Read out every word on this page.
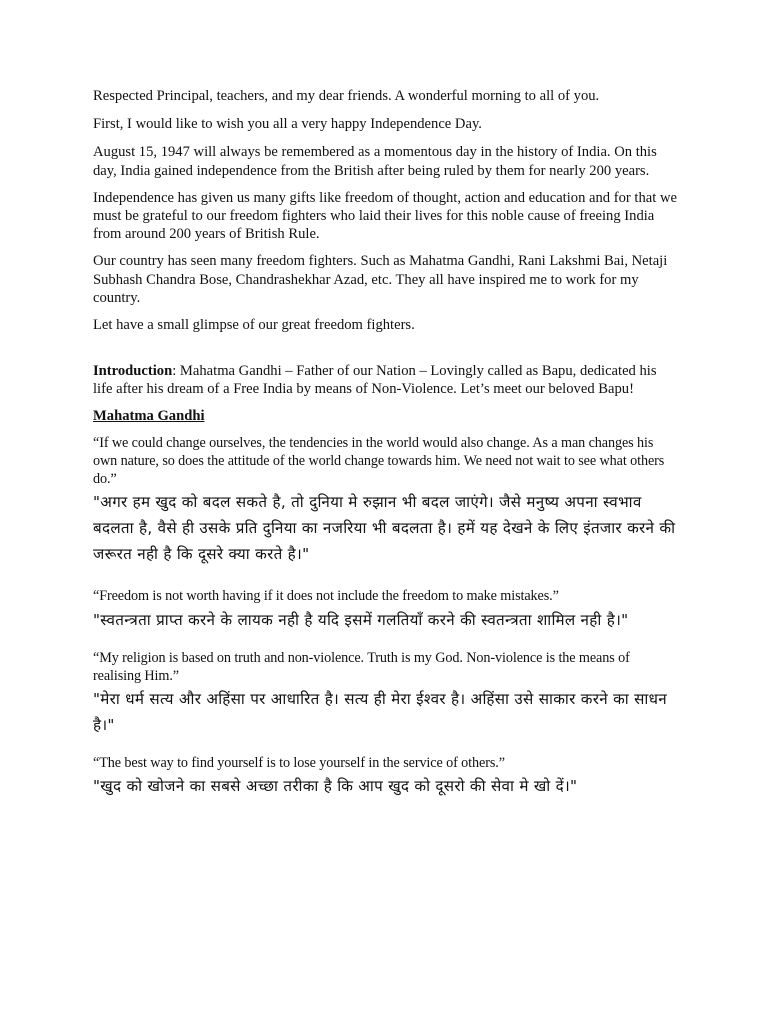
Respected Principal, teachers, and my dear friends. A wonderful morning to all of you.

First, I would like to wish you all a very happy Independence Day.

August 15, 1947 will always be remembered as a momentous day in the history of India. On this day, India gained independence from the British after being ruled by them for nearly 200 years.

Independence has given us many gifts like freedom of thought, action and education and for that we must be grateful to our freedom fighters who laid their lives for this noble cause of freeing India from around 200 years of British Rule.

Our country has seen many freedom fighters. Such as Mahatma Gandhi, Rani Lakshmi Bai, Netaji Subhash Chandra Bose, Chandrashekhar Azad, etc. They all have inspired me to work for my country.

Let have a small glimpse of our great freedom fighters.

Introduction: Mahatma Gandhi – Father of our Nation – Lovingly called as Bapu, dedicated his life after his dream of a Free India by means of Non-Violence. Let’s meet our beloved Bapu!

Mahatma Gandhi

“If we could change ourselves, the tendencies in the world would also change. As a man changes his own nature, so does the attitude of the world change towards him. We need not wait to see what others do.”

"अगर हम खुद को बदल सकते है, तो दुनिया मे रुझान भी बदल जाएंगे। जैसे मनुष्य अपना स्वभाव बदलता है, वैसे ही उसके प्रति दुनिया का नजरिया भी बदलता है। हमें यह देखने के लिए इंतजार करने की जरूरत नही है कि दूसरे क्या करते है।"

“Freedom is not worth having if it does not include the freedom to make mistakes.”

"स्वतन्त्रता प्राप्त करने के लायक नही है यदि इसमें गलतियाँ करने की स्वतन्त्रता शामिल नही है।"

“My religion is based on truth and non-violence. Truth is my God. Non-violence is the means of realising Him.”

"मेरा धर्म सत्य और अहिंसा पर आधारित है। सत्य ही मेरा ईश्वर है। अहिंसा उसे साकार करने का साधन है।"

“The best way to find yourself is to lose yourself in the service of others.”

"खुद को खोजने का सबसे अच्छा तरीका है कि आप खुद को दूसरो की सेवा मे खो दें।"
